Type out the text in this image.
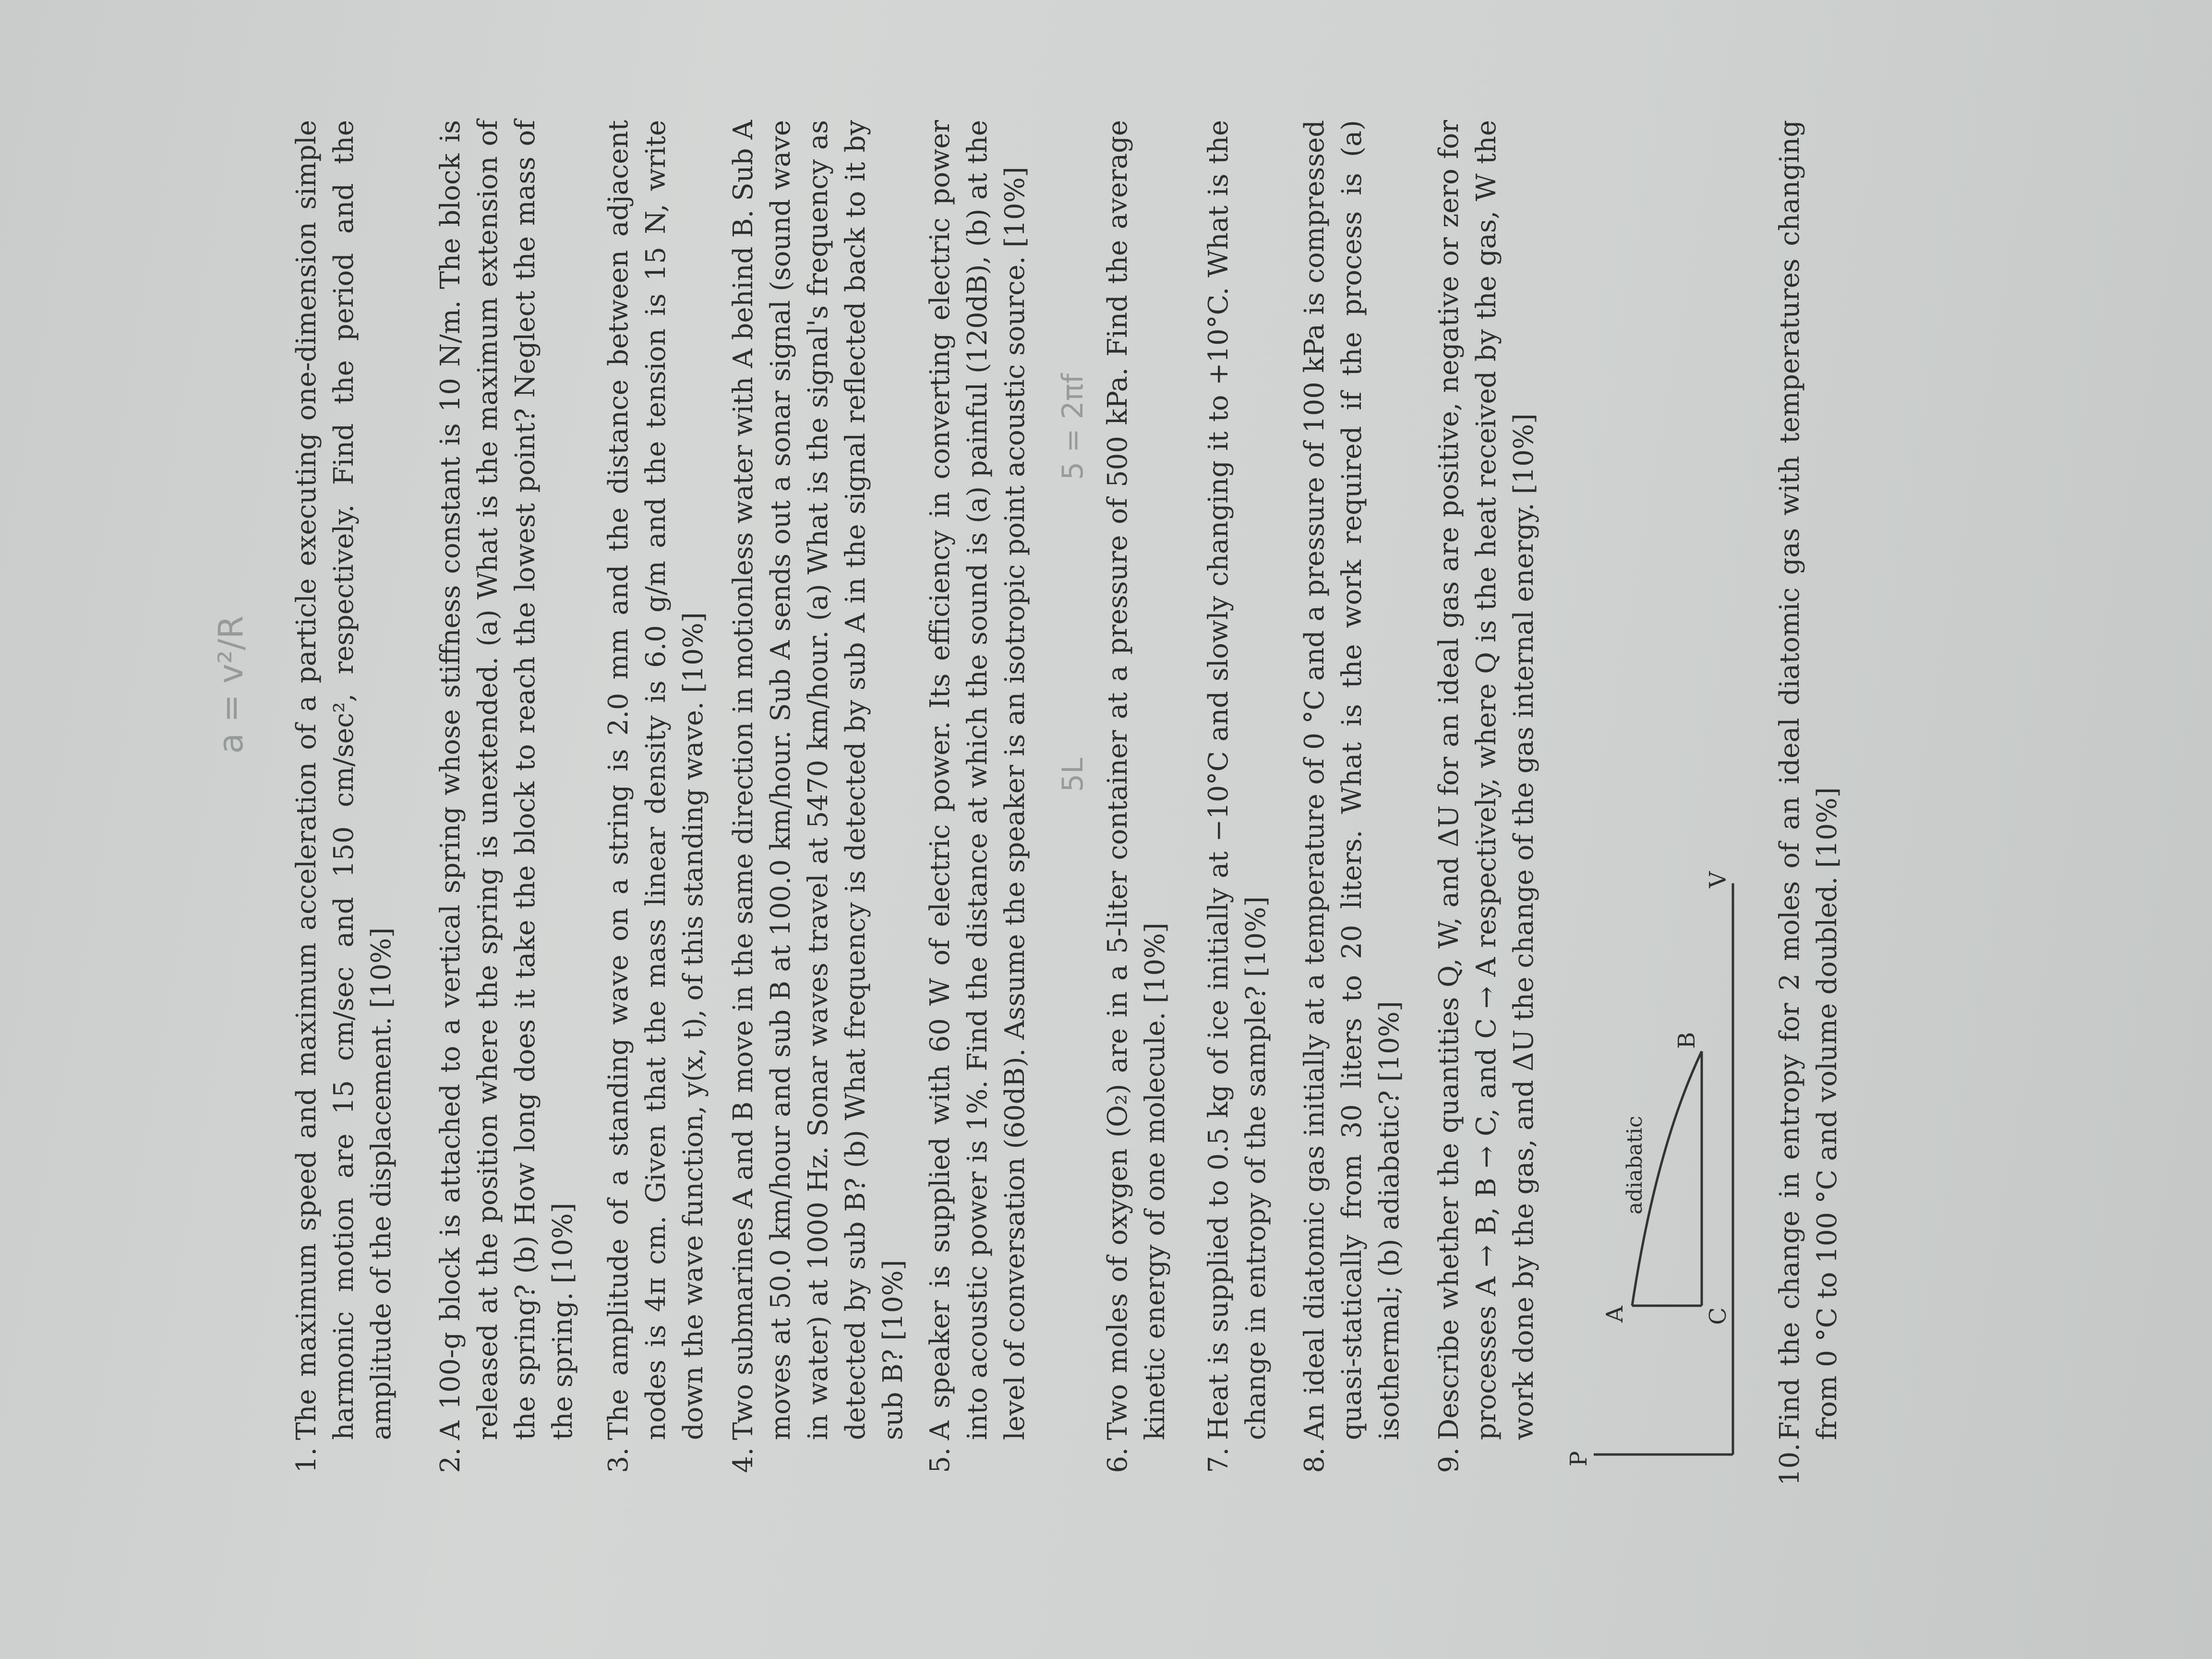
a = v²/R
1.
The maximum speed and maximum acceleration of a particle executing one-dimension simple harmonic motion are 15 cm/sec and 150 cm/sec², respectively. Find the period and the amplitude of the displacement. [10%]
2.
A 100-g block is attached to a vertical spring whose stiffness constant is 10 N/m. The block is released at the position where the spring is unextended. (a) What is the maximum extension of the spring? (b) How long does it take the block to reach the lowest point? Neglect the mass of the spring. [10%]
3.
The amplitude of a standing wave on a string is 2.0 mm and the distance between adjacent nodes is 4π cm. Given that the mass linear density is 6.0 g/m and the tension is 15 N, write down the wave function, y(x, t), of this standing wave. [10%]
4.
Two submarines A and B move in the same direction in motionless water with A behind B. Sub A moves at 50.0 km/hour and sub B at 100.0 km/hour. Sub A sends out a sonar signal (sound wave in water) at 1000 Hz. Sonar waves travel at 5470 km/hour. (a) What is the signal's frequency as detected by sub B? (b) What frequency is detected by sub A in the signal reflected back to it by sub B? [10%]
5.
A speaker is supplied with 60 W of electric power. Its efficiency in converting electric power into acoustic power is 1%. Find the distance at which the sound is (a) painful (120dB), (b) at the level of conversation (60dB). Assume the speaker is an isotropic point acoustic source. [10%] 5 = 2πf
5L
6.
Two moles of oxygen (O₂) are in a 5-liter container at a pressure of 500 kPa. Find the average kinetic energy of one molecule. [10%]
7.
Heat is supplied to 0.5 kg of ice initially at −10°C and slowly changing it to +10°C. What is the change in entropy of the sample? [10%]
8.
An ideal diatomic gas initially at a temperature of 0 °C and a pressure of 100 kPa is compressed quasi-statically from 30 liters to 20 liters. What is the work required if the process is (a) isothermal; (b) adiabatic? [10%]
9.
Describe whether the quantities Q, W, and ΔU for an ideal gas are positive, negative or zero for processes A → B, B → C, and C → A respectively, where Q is the heat received by the gas, W the work done by the gas, and ΔU the change of the gas internal energy. [10%]
P
V
A
B
C
adiabatic
10.
Find the change in entropy for 2 moles of an ideal diatomic gas with temperatures changing from 0 °C to 100 °C and volume doubled. [10%]
